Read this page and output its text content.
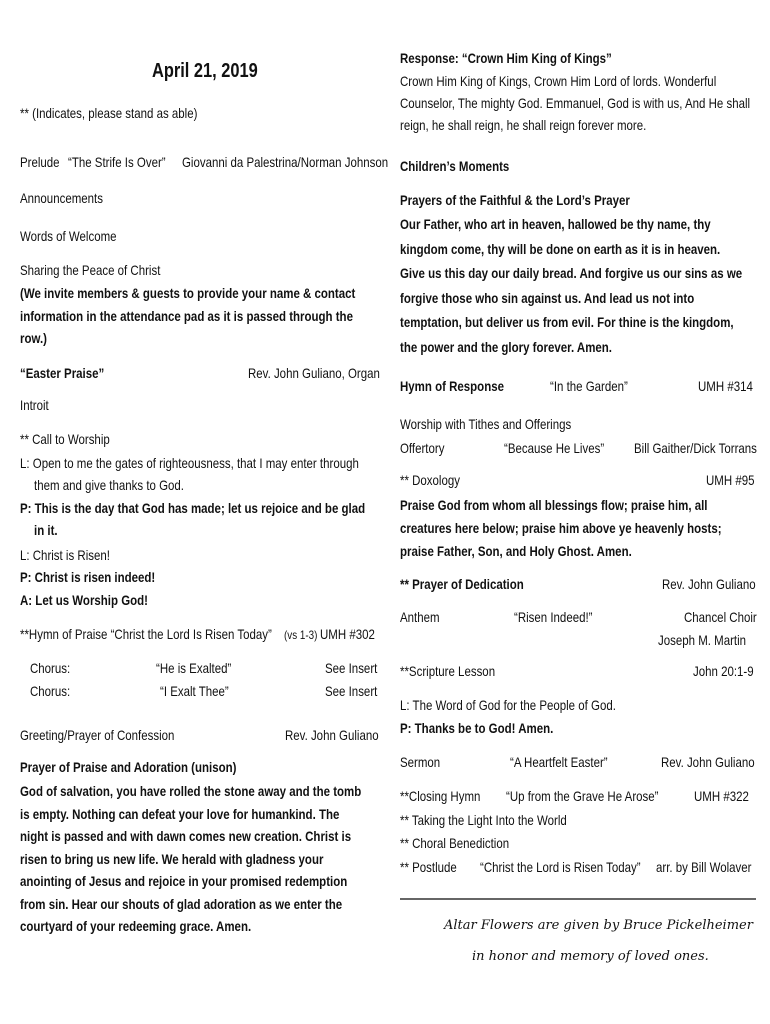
April 21, 2019
** (Indicates, please stand as able)
Prelude “The Strife Is Over” Giovanni da Palestrina/Norman Johnson
Announcements
Words of Welcome
Sharing the Peace of Christ
(We invite members & guests to provide your name & contact
information in the attendance pad as it is passed through the
row.)
“Easter Praise”	Rev. John Guliano, Organ
Introit
** Call to Worship
L: Open to me the gates of righteousness, that I may enter through
them and give thanks to God.
P: This is the day that God has made; let us rejoice and be glad
in it.
L: Christ is Risen!
P: Christ is risen indeed!
A: Let us Worship God!
**Hymn of Praise “Christ the Lord Is Risen Today” (vs 1-3) UMH #302
Chorus:	“He is Exalted”	See Insert
Chorus:	“I Exalt Thee”	See Insert
Greeting/Prayer of Confession	Rev. John Guliano
Prayer of Praise and Adoration (unison)
God of salvation, you have rolled the stone away and the tomb
is empty. Nothing can defeat your love for humankind. The
night is passed and with dawn comes new creation. Christ is
risen to bring us new life. We herald with gladness your
anointing of Jesus and rejoice in your promised redemption
from sin. Hear our shouts of glad adoration as we enter the
courtyard of your redeeming grace. Amen.
Response: “Crown Him King of Kings”
Crown Him King of Kings, Crown Him Lord of lords. Wonderful
Counselor, The mighty God. Emmanuel, God is with us, And He shall
reign, he shall reign, he shall reign forever more.
Children’s Moments
Prayers of the Faithful & the Lord’s Prayer
Our Father, who art in heaven, hallowed be thy name, thy
kingdom come, thy will be done on earth as it is in heaven.
Give us this day our daily bread. And forgive us our sins as we
forgive those who sin against us. And lead us not into
temptation, but deliver us from evil. For thine is the kingdom,
the power and the glory forever. Amen.
Hymn of Response	“In the Garden”	UMH #314
Worship with Tithes and Offerings
Offertory	“Because He Lives” Bill Gaither/Dick Torrans
** Doxology	UMH #95
Praise God from whom all blessings flow; praise him, all
creatures here below; praise him above ye heavenly hosts;
praise Father, Son, and Holy Ghost. Amen.
** Prayer of Dedication	Rev. John Guliano
Anthem	“Risen Indeed!”	Chancel Choir
Joseph M. Martin
**Scripture Lesson	John 20:1-9
L: The Word of God for the People of God.
P: Thanks be to God! Amen.
Sermon	“A Heartfelt Easter”	Rev. John Guliano
**Closing Hymn “Up from the Grave He Arose”	UMH #322
** Taking the Light Into the World
** Choral Benediction
** Postlude “Christ the Lord is Risen Today” arr. by Bill Wolaver
Altar Flowers are given by Bruce Pickelheimer
in honor and memory of loved ones.
